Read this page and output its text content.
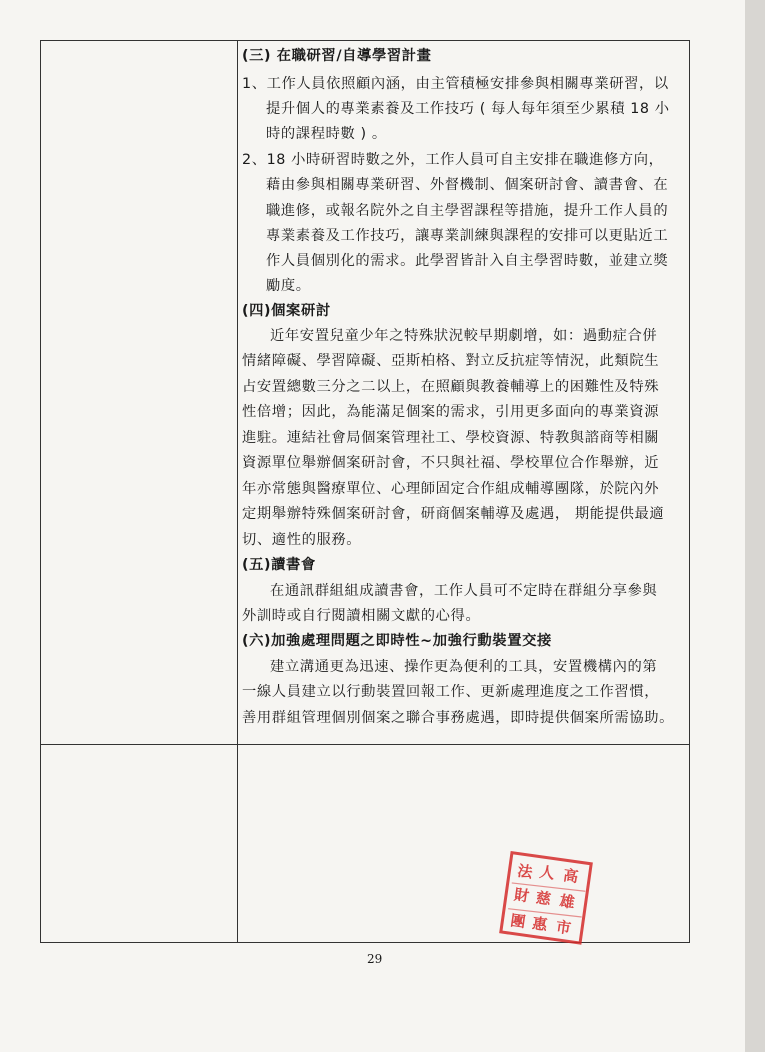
(三) 在職研習/自導學習計畫
1、工作人員依照顧內涵，由主管積極安排參與相關專業研習，以
提升個人的專業素養及工作技巧 ( 每人每年須至少累積 18 小
時的課程時數 ) 。
2、18 小時研習時數之外，工作人員可自主安排在職進修方向，
藉由參與相關專業研習、外督機制、個案研討會、讀書會、在
職進修，或報名院外之自主學習課程等措施，提升工作人員的
專業素養及工作技巧，讓專業訓練與課程的安排可以更貼近工
作人員個別化的需求。此學習皆計入自主學習時數，並建立獎
勵度。
(四)個案研討
近年安置兒童少年之特殊狀況較早期劇增，如：過動症合併
情緒障礙、學習障礙、亞斯柏格、對立反抗症等情況，此類院生
占安置總數三分之二以上，在照顧與教養輔導上的困難性及特殊
性倍增；因此，為能滿足個案的需求，引用更多面向的專業資源
進駐。連結社會局個案管理社工、學校資源、特教與諮商等相關
資源單位舉辦個案研討會，不只與社福、學校單位合作舉辦，近
年亦常態與醫療單位、心理師固定合作組成輔導團隊，於院內外
定期舉辦特殊個案研討會，研商個案輔導及處遇， 期能提供最適
切、適性的服務。
(五)讀書會
在通訊群組組成讀書會，工作人員可不定時在群組分享參與
外訓時或自行閱讀相關文獻的心得。
(六)加強處理問題之即時性~加強行動裝置交接
建立溝通更為迅速、操作更為便利的工具，安置機構內的第
一線人員建立以行動裝置回報工作、更新處理進度之工作習慣，
善用群組管理個別個案之聯合事務處遇，即時提供個案所需協助。
法 人 高
財 慈 雄
團 惠 市
29
